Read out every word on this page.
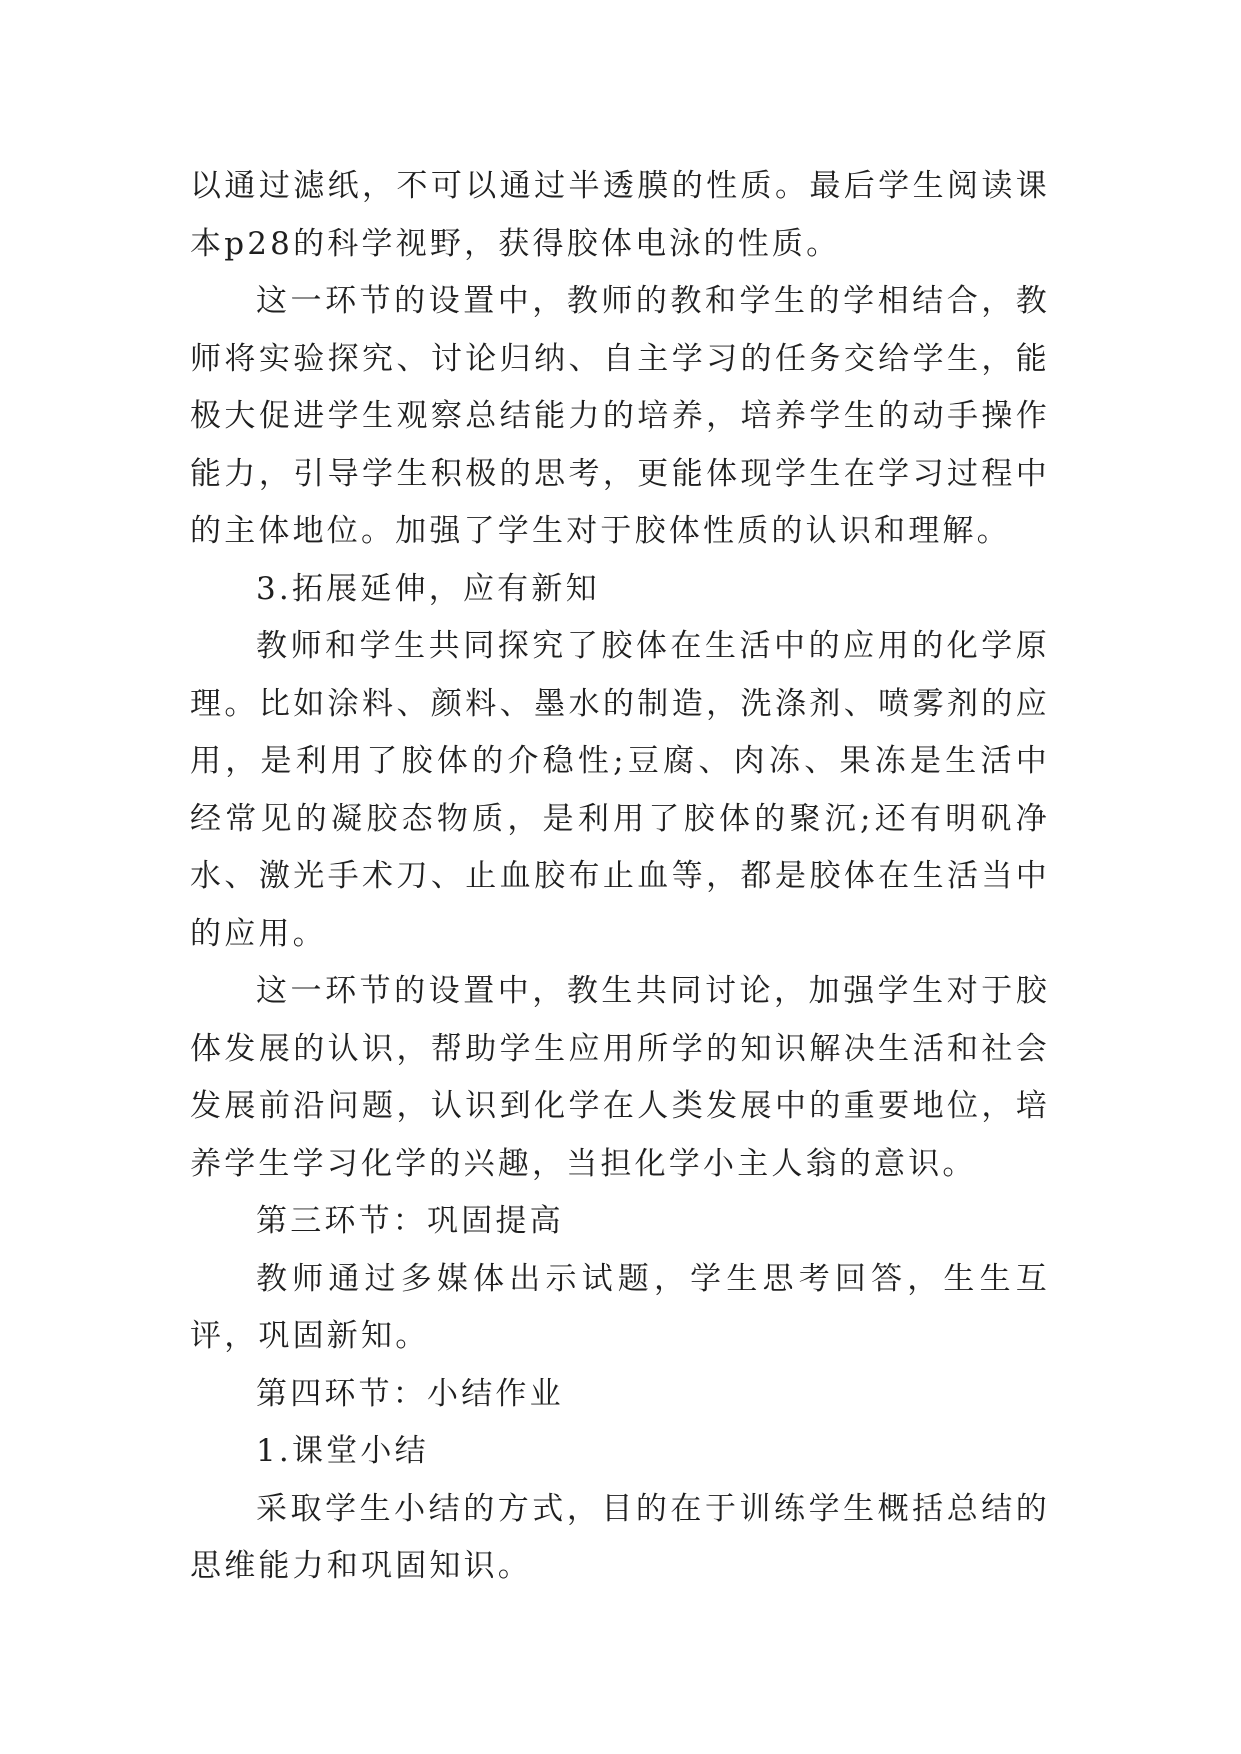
以通过滤纸，不可以通过半透膜的性质。最后学生阅读课本p28的科学视野，获得胶体电泳的性质。

这一环节的设置中，教师的教和学生的学相结合，教师将实验探究、讨论归纳、自主学习的任务交给学生，能极大促进学生观察总结能力的培养，培养学生的动手操作能力，引导学生积极的思考，更能体现学生在学习过程中的主体地位。加强了学生对于胶体性质的认识和理解。

3.拓展延伸，应有新知

教师和学生共同探究了胶体在生活中的应用的化学原理。比如涂料、颜料、墨水的制造，洗涤剂、喷雾剂的应用，是利用了胶体的介稳性;豆腐、肉冻、果冻是生活中经常见的凝胶态物质，是利用了胶体的聚沉;还有明矾净水、激光手术刀、止血胶布止血等，都是胶体在生活当中的应用。

这一环节的设置中，教生共同讨论，加强学生对于胶体发展的认识，帮助学生应用所学的知识解决生活和社会发展前沿问题，认识到化学在人类发展中的重要地位，培养学生学习化学的兴趣，当担化学小主人翁的意识。

第三环节：巩固提高

教师通过多媒体出示试题，学生思考回答，生生互评，巩固新知。

第四环节：小结作业

1.课堂小结

采取学生小结的方式，目的在于训练学生概括总结的思维能力和巩固知识。
